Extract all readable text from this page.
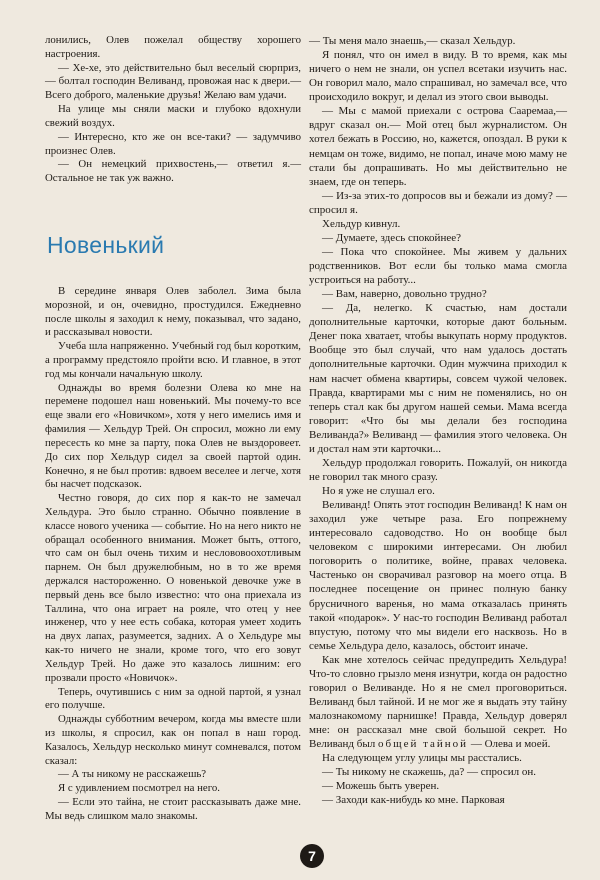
лонились, Олев пожелал обществу хорошего настроения.

— Хе-хе, это действительно был веселый сюрприз,— болтал господин Веливанд, провожая нас к двери.— Всего доброго, маленькие друзья! Желаю вам удачи.

На улице мы сняли маски и глубоко вдохнули свежий воздух.

— Интересно, кто же он все-таки? — задумчиво произнес Олев.

— Он немецкий прихвостень,— ответил я.— Остальное не так уж важно.

Новенький

В середине января Олев заболел. Зима была морозной, и он, очевидно, простудился. Ежедневно после школы я заходил к нему, показывал, что задано, и рассказывал новости.

Учеба шла напряженно. Учебный год был коротким, а программу предстояло пройти всю. И главное, в этот год мы кончали начальную школу.

Однажды во время болезни Олева ко мне на перемене подошел наш новенький. Мы почему-то все еще звали его «Новичком», хотя у него имелись имя и фамилия — Хельдур Трей. Он спросил, можно ли ему пересесть ко мне за парту, пока Олев не выздоровеет. До сих пор Хельдур сидел за своей партой один. Конечно, я не был против: вдвоем веселее и легче, хотя бы насчет подсказок.

Честно говоря, до сих пор я как-то не замечал Хельдура. Это было странно. Обычно появление в классе нового ученика — событие. Но на него никто не обращал особенного внимания. Может быть, оттого, что сам он был очень тихим и неслововоохотливым парнем. Он был дружелюбным, но в то же время держался настороженно. О новенькой девочке уже в первый день все было известно: что она приехала из Таллина, что она играет на рояле, что отец у нее инженер, что у нее есть собака, которая умеет ходить на двух лапах, разумеется, задних. А о Хельдуре мы как-то ничего не знали, кроме того, что его зовут Хельдур Трей. Но даже это казалось лишним: его прозвали просто «Новичок».

Теперь, очутившись с ним за одной партой, я узнал его получше.

Однажды субботним вечером, когда мы вместе шли из школы, я спросил, как он попал в наш город. Казалось, Хельдур несколько минут сомневался, потом сказал:

— А ты никому не расскажешь?

Я с удивлением посмотрел на него.

— Если это тайна, не стоит рассказывать даже мне. Мы ведь слишком мало знакомы.

— Ты меня мало знаешь,— сказал Хельдур.

Я понял, что он имел в виду. В то время, как мы ничего о нем не знали, он успел всетаки изучить нас. Он говорил мало, мало спрашивал, но замечал все, что происходило вокруг, и делал из этого свои выводы.

— Мы с мамой приехали с острова Сааремаа,— вдруг сказал он.— Мой отец был журналистом. Он хотел бежать в Россию, но, кажется, опоздал. В руки к немцам он тоже, видимо, не попал, иначе мою маму не стали бы допрашивать. Но мы действительно не знаем, где он теперь.

— Из-за этих-то допросов вы и бежали из дому? — спросил я.

Хельдур кивнул.

— Думаете, здесь спокойнее?

— Пока что спокойнее. Мы живем у дальних родственников. Вот если бы только мама смогла устроиться на работу...

— Вам, наверно, довольно трудно?

— Да, нелегко. К счастью, нам достали дополнительные карточки, которые дают больным. Денег пока хватает, чтобы выкупать норму продуктов. Вообще это был случай, что нам удалось достать дополнительные карточки. Один мужчина приходил к нам насчет обмена квартиры, совсем чужой человек. Правда, квартирами мы с ним не поменялись, но он теперь стал как бы другом нашей семьи. Мама всегда говорит: «Что бы мы делали без господина Веливанда?» Веливанд — фамилия этого человека. Он и достал нам эти карточки...

Хельдур продолжал говорить. Пожалуй, он никогда не говорил так много сразу.

Но я уже не слушал его.

Веливанд! Опять этот господин Веливанд! К нам он заходил уже четыре раза. Его попрежнему интересовало садоводство. Но он вообще был человеком с широкими интересами. Он любил поговорить о политике, войне, правах человека. Частенько он сворачивал разговор на моего отца. В последнее посещение он принес полную банку брусничного варенья, но мама отказалась принять такой «подарок». У нас-то господин Веливанд работал впустую, потому что мы видели его насквозь. Но в семье Хельдура дело, казалось, обстоит иначе.

Как мне хотелось сейчас предупредить Хельдура! Что-то словно грызло меня изнутри, когда он радостно говорил о Веливанде. Но я не смел проговориться. Веливанд был тайной. И не мог же я выдать эту тайну малознакомому парнишке! Правда, Хельдур доверял мне: он рассказал мне свой большой секрет. Но Веливанд был общей тайной — Олева и моей.

На следующем углу улицы мы расстались.

— Ты никому не скажешь, да? — спросил он.

— Можешь быть уверен.

— Заходи как-нибудь ко мне. Парковая

7
